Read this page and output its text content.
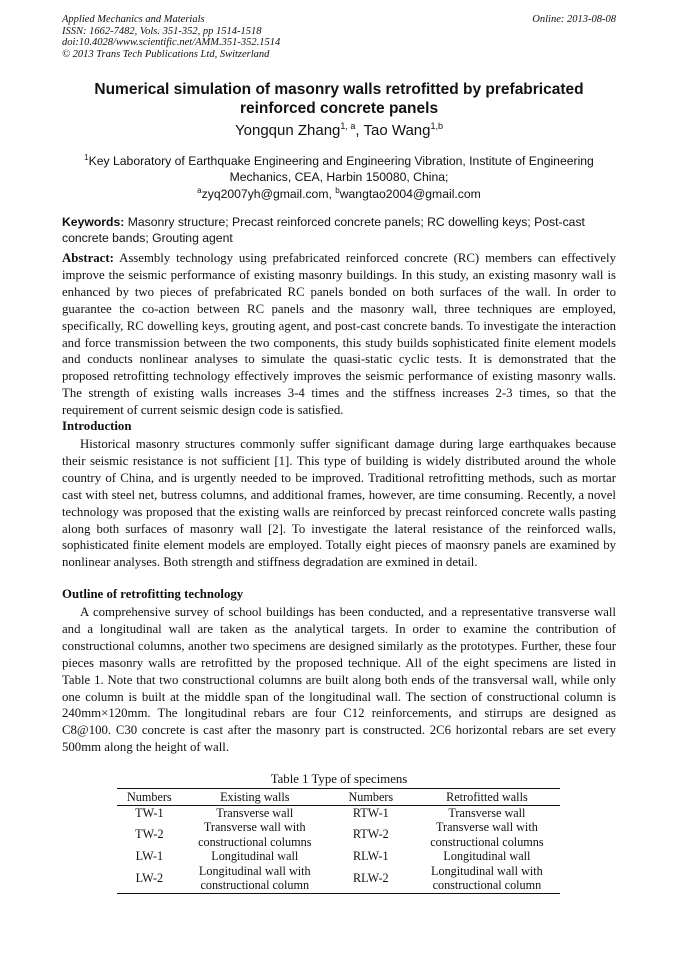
Applied Mechanics and Materials
ISSN: 1662-7482, Vols. 351-352, pp 1514-1518
doi:10.4028/www.scientific.net/AMM.351-352.1514
© 2013 Trans Tech Publications Ltd, Switzerland
Online: 2013-08-08
Numerical simulation of masonry walls retrofitted by prefabricated reinforced concrete panels
Yongqun Zhang$^{1, a}$, Tao Wang$^{1,b}$
$^1$Key Laboratory of Earthquake Engineering and Engineering Vibration, Institute of Engineering Mechanics, CEA, Harbin 150080, China;
$^a$zyq2007yh@gmail.com, $^b$wangtao2004@gmail.com
Keywords: Masonry structure; Precast reinforced concrete panels; RC dowelling keys; Post-cast concrete bands; Grouting agent
Abstract: Assembly technology using prefabricated reinforced concrete (RC) members can effectively improve the seismic performance of existing masonry buildings. In this study, an existing masonry wall is enhanced by two pieces of prefabricated RC panels bonded on both surfaces of the wall. In order to guarantee the co-action between RC panels and the masonry wall, three techniques are employed, specifically, RC dowelling keys, grouting agent, and post-cast concrete bands. To investigate the interaction and force transmission between the two components, this study builds sophisticated finite element models and conducts nonlinear analyses to simulate the quasi-static cyclic tests. It is demonstrated that the proposed retrofitting technology effectively improves the seismic performance of existing masonry walls. The strength of existing walls increases 3-4 times and the stiffness increases 2-3 times, so that the requirement of current seismic design code is satisfied.
Introduction
Historical masonry structures commonly suffer significant damage during large earthquakes because their seismic resistance is not sufficient [1]. This type of building is widely distributed around the whole country of China, and is urgently needed to be improved. Traditional retrofitting methods, such as mortar cast with steel net, butress columns, and additional frames, however, are time consuming. Recently, a novel technology was proposed that the existing walls are reinforced by precast reinforced concrete walls pasting along both surfaces of masonry wall [2]. To investigate the lateral resistance of the reinforced walls, sophisticated finite element models are employed. Totally eight pieces of maonsry panels are examined by nonlinear analyses. Both strength and stiffness degradation are exmined in detail.
Outline of retrofitting technology
A comprehensive survey of school buildings has been conducted, and a representative transverse wall and a longitudinal wall are taken as the analytical targets. In order to examine the contribution of constructional columns, another two specimens are designed similarly as the prototypes. Further, these four pieces masonry walls are retrofitted by the proposed technique. All of the eight specimens are listed in Table 1. Note that two constructional columns are built along both ends of the transversal wall, while only one column is built at the middle span of the longitudinal wall. The section of constructional column is 240mm×120mm. The longitudinal rebars are four C12 reinforcements, and stirrups are designed as C8@100. C30 concrete is cast after the masonry part is constructed. 2C6 horizontal rebars are set every 500mm along the height of wall.
Table 1 Type of specimens
Numbers	Existing walls	Numbers	Retrofitted walls
TW-1	Transverse wall	RTW-1	Transverse wall
TW-2	Transverse wall with constructional columns	RTW-2	Transverse wall with constructional columns
LW-1	Longitudinal wall	RLW-1	Longitudinal wall
LW-2	Longitudinal wall with constructional column	RLW-2	Longitudinal wall with constructional column
